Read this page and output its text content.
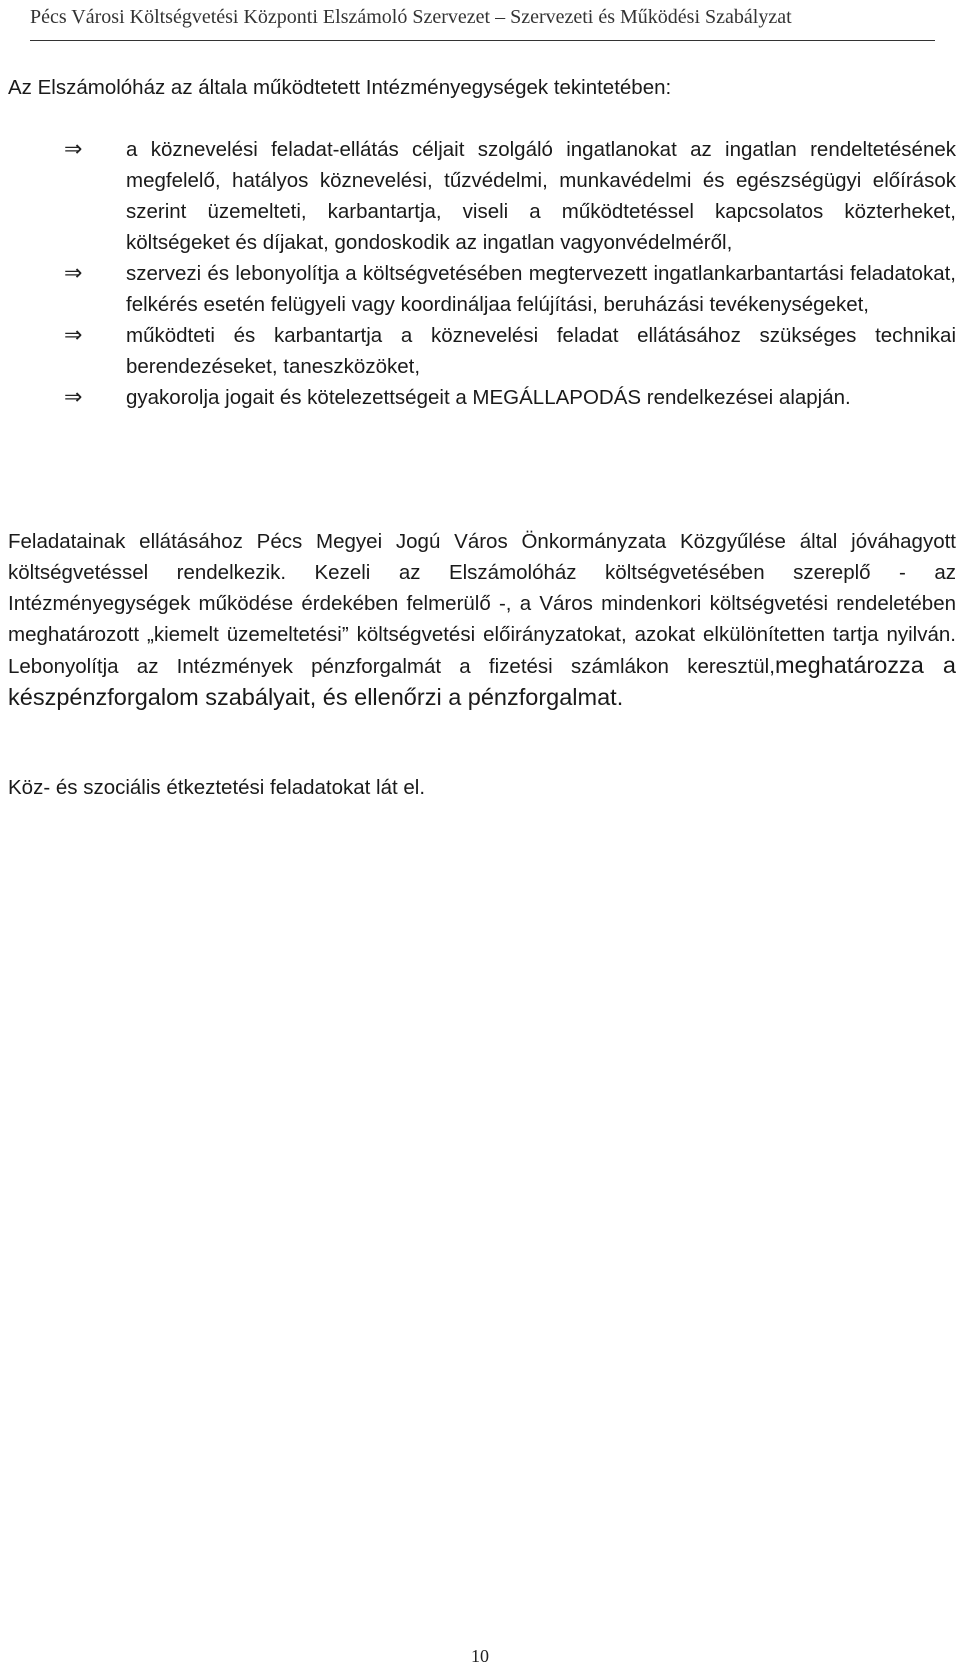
Pécs Városi Költségvetési Központi Elszámoló Szervezet – Szervezeti és Működési Szabályzat

Az Elszámolóház az általa működtetett Intézményegységek tekintetében:

⇒ a köznevelési feladat-ellátás céljait szolgáló ingatlanokat az ingatlan rendeltetésének megfelelő, hatályos köznevelési, tűzvédelmi, munkavédelmi és egészségügyi előírások szerint üzemelteti, karbantartja, viseli a működtetéssel kapcsolatos közterheket, költségeket és díjakat, gondoskodik az ingatlan vagyonvédelméről,
⇒ szervezi és lebonyolítja a költségvetésében megtervezett ingatlankarbantartási feladatokat, felkérés esetén felügyeli vagy koordináljaa felújítási, beruházási tevékenységeket,
⇒ működteti és karbantartja a köznevelési feladat ellátásához szükséges technikai berendezéseket, taneszközöket,
⇒ gyakorolja jogait és kötelezettségeit a MEGÁLLAPODÁS rendelkezései alapján.

Feladatainak ellátásához Pécs Megyei Jogú Város Önkormányzata Közgyűlése által jóváhagyott költségvetéssel rendelkezik. Kezeli az Elszámolóház költségvetésében szereplő - az Intézményegységek működése érdekében felmerülő -, a Város mindenkori költségvetési rendeletében meghatározott „kiemelt üzemeltetési” költségvetési előirányzatokat, azokat elkülönítetten tartja nyilván. Lebonyolítja az Intézmények pénzforgalmát a fizetési számlákon keresztül,meghatározza a készpénzforgalom szabályait, és ellenőrzi a pénzforgalmat.

Köz- és szociális étkeztetési feladatokat lát el.

10
